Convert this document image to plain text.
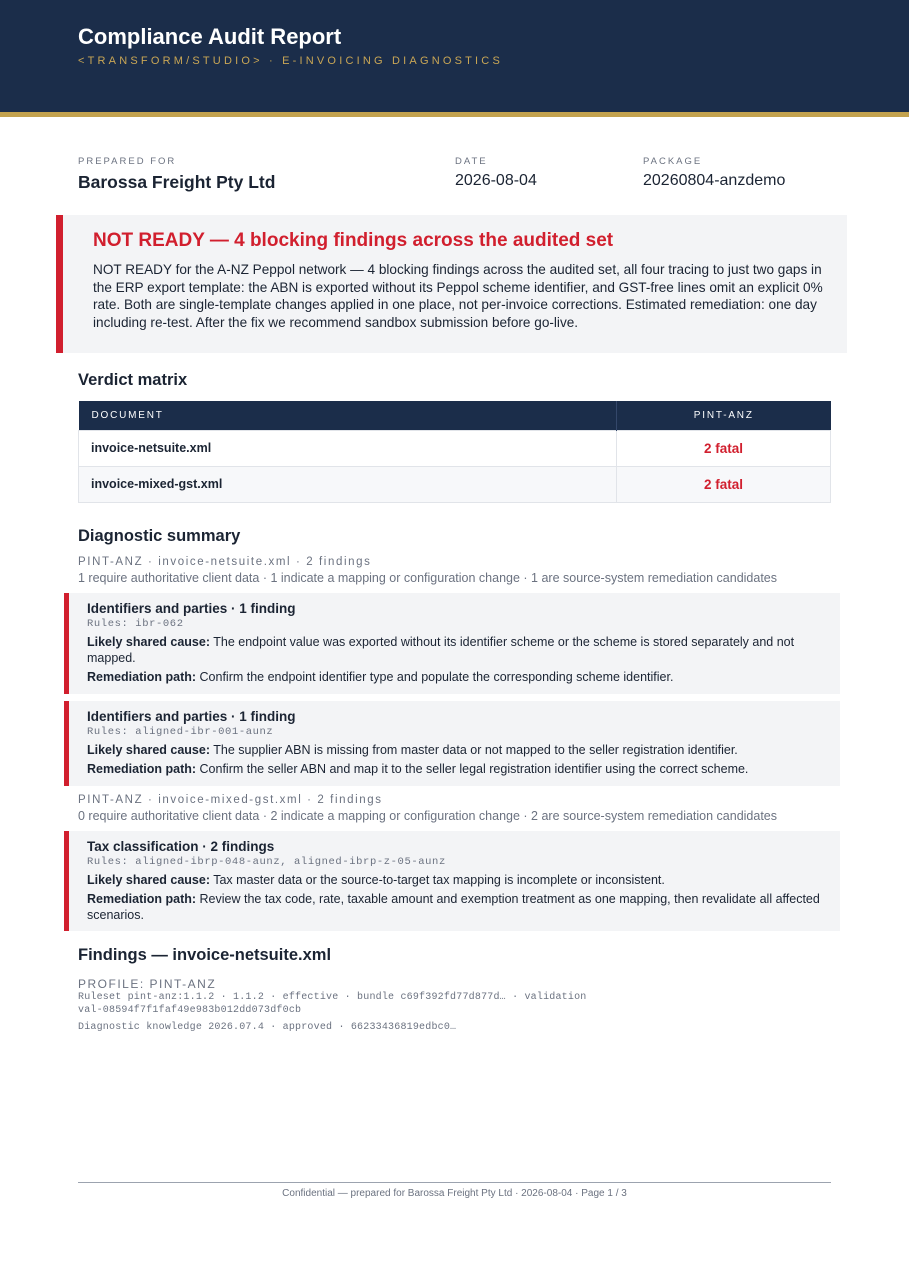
Compliance Audit Report
<TRANSFORM/STUDIO> · E-INVOICING DIAGNOSTICS
PREPARED FOR
Barossa Freight Pty Ltd
DATE
2026-08-04
PACKAGE
20260804-anzdemo
NOT READY — 4 blocking findings across the audited set
NOT READY for the A-NZ Peppol network — 4 blocking findings across the audited set, all four tracing to just two gaps in the ERP export template: the ABN is exported without its Peppol scheme identifier, and GST-free lines omit an explicit 0% rate. Both are single-template changes applied in one place, not per-invoice corrections. Estimated remediation: one day including re-test. After the fix we recommend sandbox submission before go-live.
Verdict matrix
DOCUMENT	PINT-ANZ
invoice-netsuite.xml	2 fatal
invoice-mixed-gst.xml	2 fatal
Diagnostic summary
PINT-ANZ · invoice-netsuite.xml · 2 findings
1 require authoritative client data · 1 indicate a mapping or configuration change · 1 are source-system remediation candidates
Identifiers and parties · 1 finding
Rules: ibr-062
Likely shared cause: The endpoint value was exported without its identifier scheme or the scheme is stored separately and not mapped.
Remediation path: Confirm the endpoint identifier type and populate the corresponding scheme identifier.
Identifiers and parties · 1 finding
Rules: aligned-ibr-001-aunz
Likely shared cause: The supplier ABN is missing from master data or not mapped to the seller registration identifier.
Remediation path: Confirm the seller ABN and map it to the seller legal registration identifier using the correct scheme.
PINT-ANZ · invoice-mixed-gst.xml · 2 findings
0 require authoritative client data · 2 indicate a mapping or configuration change · 2 are source-system remediation candidates
Tax classification · 2 findings
Rules: aligned-ibrp-048-aunz, aligned-ibrp-z-05-aunz
Likely shared cause: Tax master data or the source-to-target tax mapping is incomplete or inconsistent.
Remediation path: Review the tax code, rate, taxable amount and exemption treatment as one mapping, then revalidate all affected scenarios.
Findings — invoice-netsuite.xml
PROFILE: PINT-ANZ
Ruleset pint-anz:1.1.2 · 1.1.2 · effective · bundle c69f392fd77d877d… · validation
val-08594f7f1faf49e983b012dd073df0cb
Diagnostic knowledge 2026.07.4 · approved · 66233436819edbc0…
Confidential — prepared for Barossa Freight Pty Ltd · 2026-08-04 · Page 1 / 3
